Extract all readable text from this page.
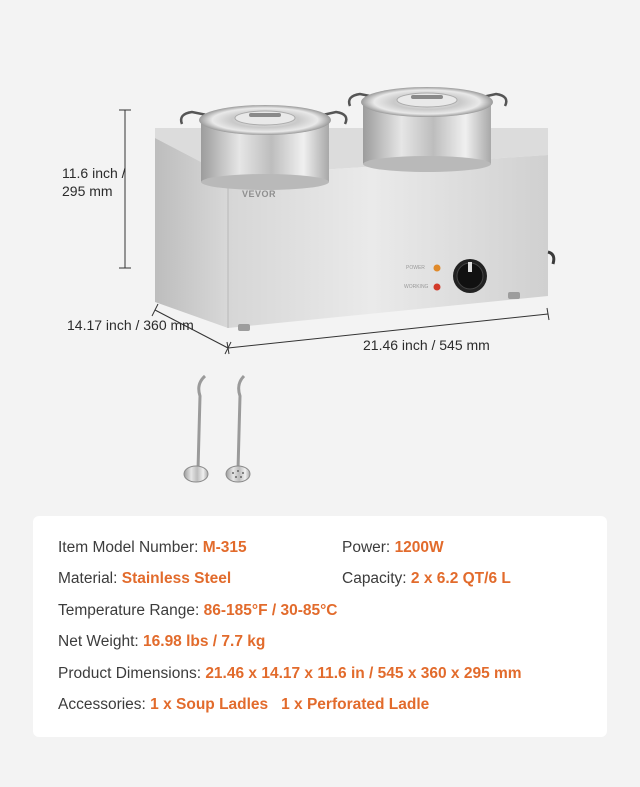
VEVOR
POWER
WORKING
11.6 inch / 295 mm
14.17 inch / 360 mm
21.46 inch / 545 mm
Item Model Number: M-315	Power: 1200W
Material: Stainless Steel	Capacity: 2 x 6.2 QT/6 L
Temperature Range: 86-185°F / 30-85°C
Net Weight: 16.98 lbs / 7.7 kg
Product Dimensions: 21.46 x 14.17 x 11.6 in / 545 x 360 x 295 mm
Accessories: 1 x Soup Ladles   1 x Perforated Ladle
